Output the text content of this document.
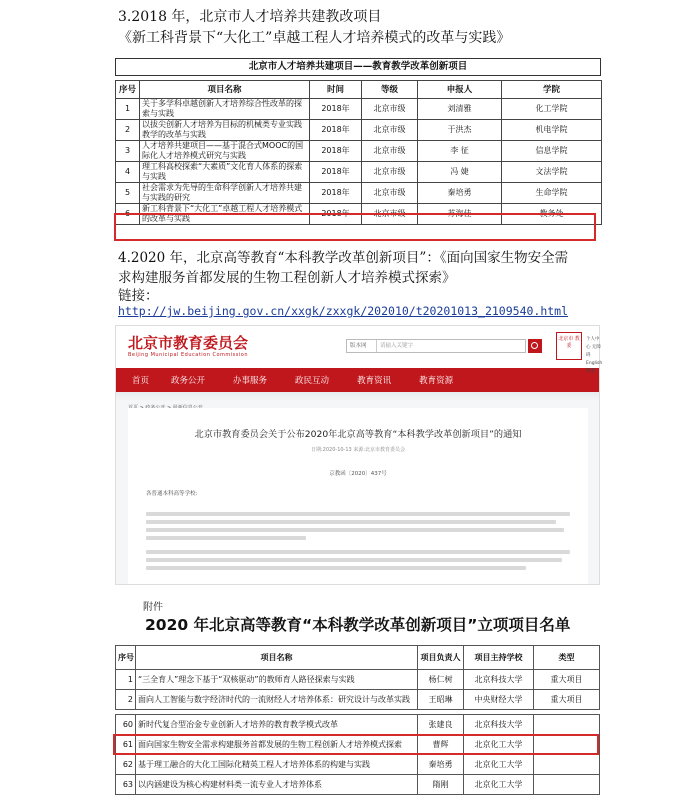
3.2018 年，北京市人才培养共建教改项目
《新工科背景下“大化工”卓越工程人才培养模式的改革与实践》
北京市人才培养共建项目——教育教学改革创新项目
序号	项目名称	时间	等级	申报人	学院
1	关于多学科卓越创新人才培养综合性改革的探索与实践	2018年	北京市级	刘清雅	化工学院
2	以拔尖创新人才培养为目标的机械类专业实践教学的改革与实践	2018年	北京市级	于洪杰	机电学院
3	人才培养共建项目——基于混合式MOOC的国际化人才培养模式研究与实践	2018年	北京市级	李 征	信息学院
4	理工科高校探索“大素质”文化育人体系的探索与实践	2018年	北京市级	冯 婕	文法学院
5	社会需求为先导的生命科学创新人才培养共建与实践的研究	2018年	北京市级	秦培勇	生命学院
6	新工科背景下“大化工”卓越工程人才培养模式的改革与实践	2018年	北京市级	苏海佳	教务处
4.2020 年，北京高等教育“本科教学改革创新项目”：《面向国家生物安全需
求构建服务首都发展的生物工程创新人才培养模式探索》
链接：
http://jw.beijing.gov.cn/xxgk/zxxgk/202010/t20201013_2109540.html
北京市教育委员会
Beijing Municipal Education Commission
版本网 请输入关键字
北京市 教委
个人中心 无障碍
English 繁體
首页	政务公开	办事服务	政民互动	教育资讯	教育资源
北京市教育委员会关于公布2020年北京高等教育“本科教学改革创新项目”的通知
日期:2020-10-13 来源:北京市教育委员会
京教函〔2020〕437号
各普通本科高等学校:
附件
2020 年北京高等教育“本科教学改革创新项目”立项项目名单
序号	项目名称	项目负责人	项目主持学校	类型
1	“三全育人”理念下基于“双核驱动”的教师育人路径探索与实践	杨仁树	北京科技大学	重大项目
2	面向人工智能与数字经济时代的一流财经人才培养体系：研究设计与改革实践	王昭琳	中央财经大学	重大项目
60	新时代复合型冶金专业创新人才培养的教育教学模式改革	张建良	北京科技大学	
61	面向国家生物安全需求构建服务首都发展的生物工程创新人才培养模式探索	曹辉	北京化工大学	
62	基于理工融合的大化工国际化精英工程人才培养体系的构建与实践	秦培勇	北京化工大学	
63	以内涵建设为核心构建材料类一流专业人才培养体系	隋刚	北京化工大学	
